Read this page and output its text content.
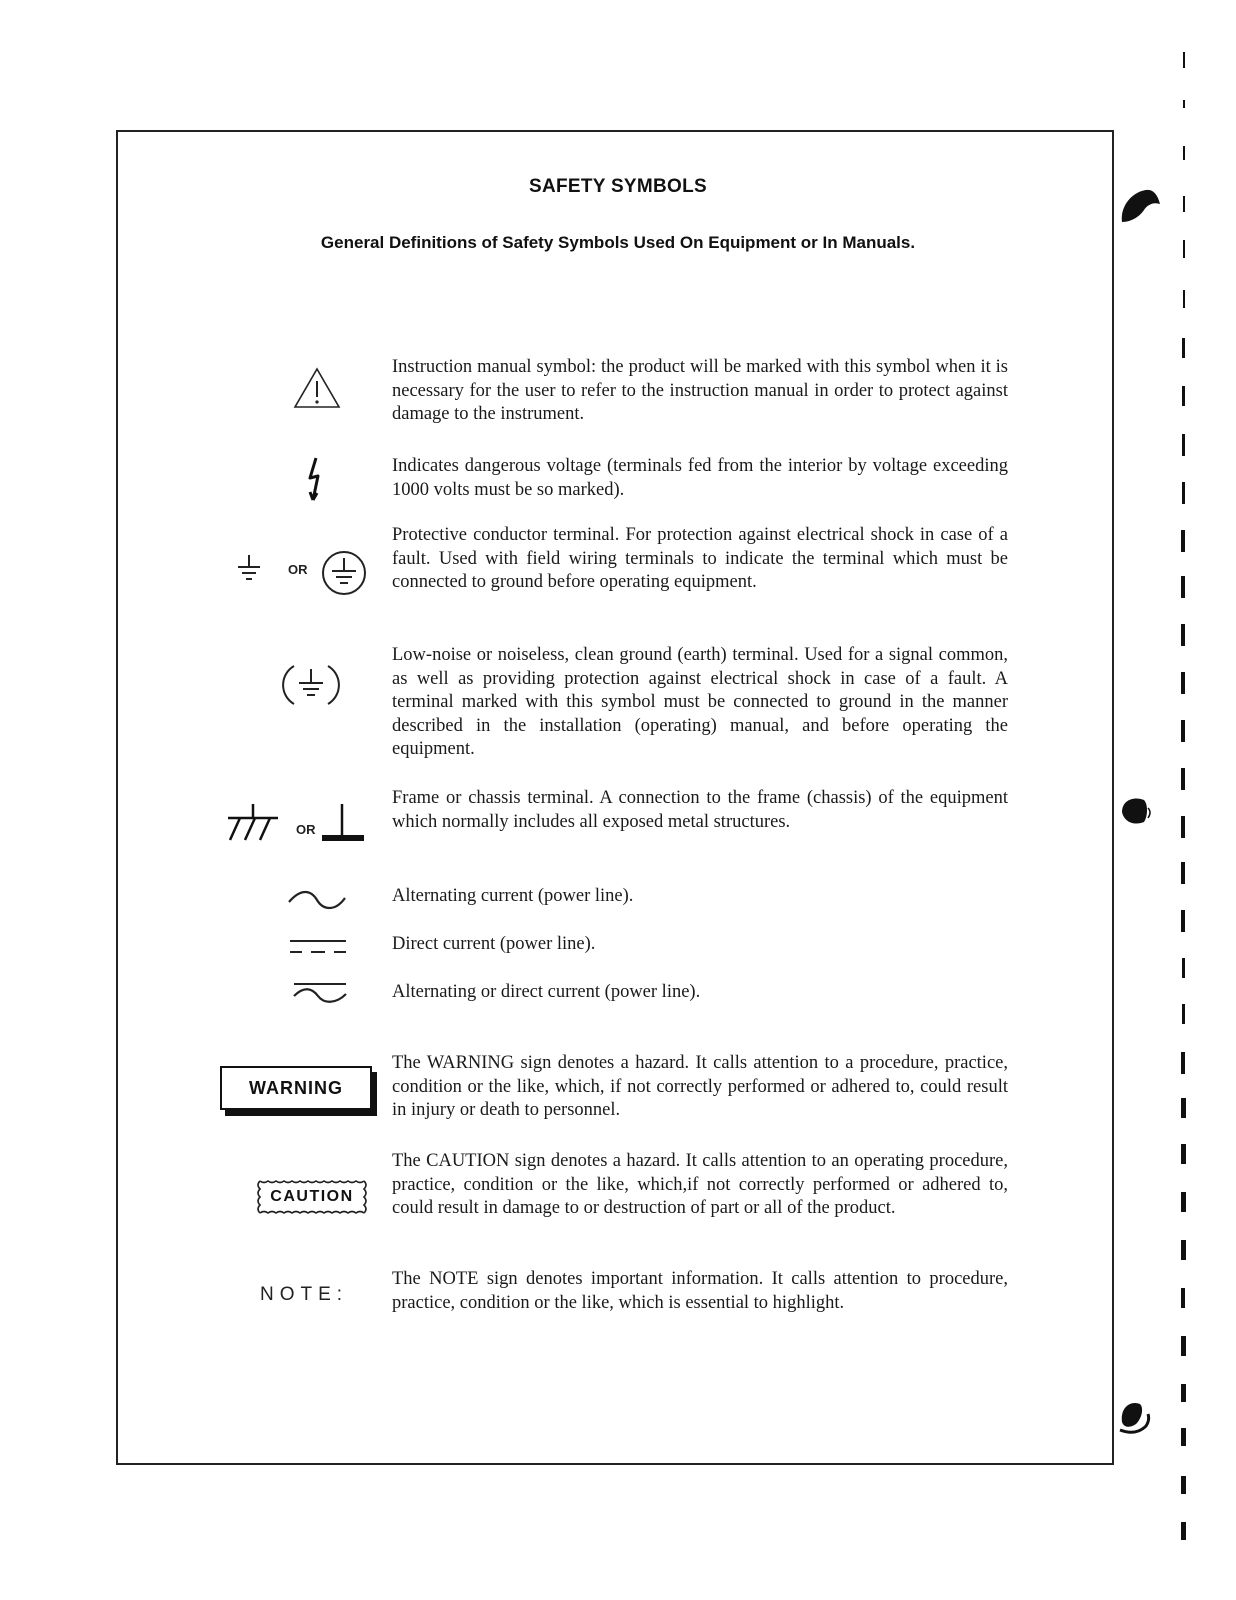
SAFETY SYMBOLS
General Definitions of Safety Symbols Used On Equipment or In Manuals.
Instruction manual symbol: the product will be marked with this symbol when it is necessary for the user to refer to the instruction manual in order to protect against damage to the instrument.
Indicates dangerous voltage (terminals fed from the interior by voltage exceeding 1000 volts must be so marked).
OR
Protective conductor terminal. For protection against electrical shock in case of a fault. Used with field wiring terminals to indicate the terminal which must be connected to ground before operating equipment.
Low-noise or noiseless, clean ground (earth) terminal. Used for a signal common, as well as providing protection against electrical shock in case of a fault. A terminal marked with this symbol must be connected to ground in the manner described in the installation (operating) manual, and before operating the equipment.
OR
Frame or chassis terminal. A connection to the frame (chassis) of the equipment which normally includes all exposed metal structures.
Alternating current (power line).
Direct current (power line).
Alternating or direct current (power line).
WARNING
The WARNING sign denotes a hazard. It calls attention to a procedure, practice, condition or the like, which, if not correctly performed or adhered to, could result in injury or death to personnel.
CAUTION
The CAUTION sign denotes a hazard. It calls attention to an operating procedure, practice, condition or the like, which,if not correctly performed or adhered to, could result in damage to or destruction of part or all of the product.
NOTE:
The NOTE sign denotes important information. It calls attention to procedure, practice, condition or the like, which is essential to highlight.
